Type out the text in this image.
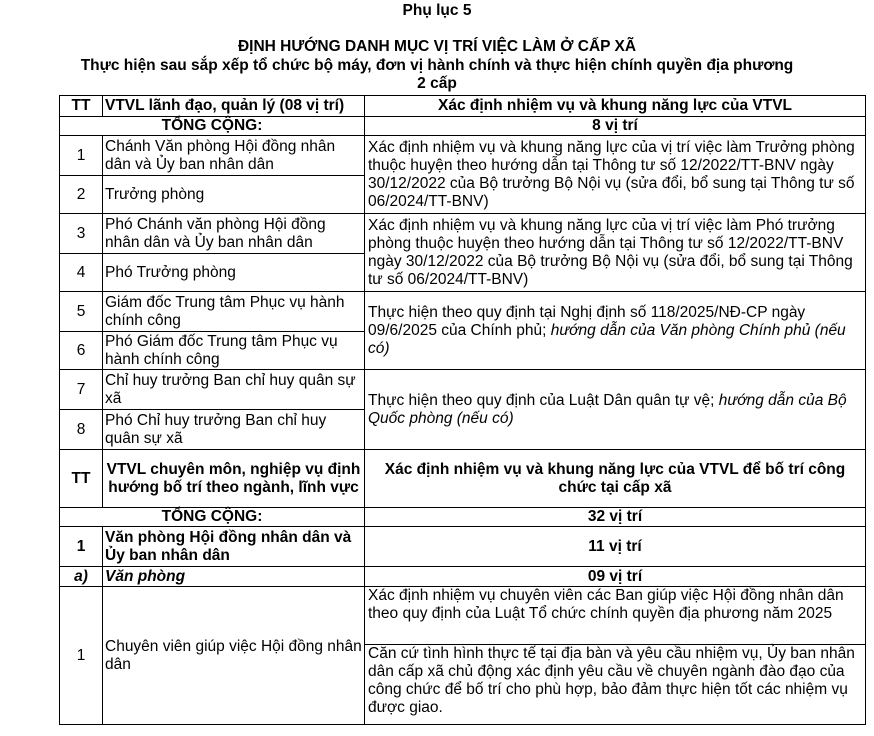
Phụ lục 5
ĐỊNH HƯỚNG DANH MỤC VỊ TRÍ VIỆC LÀM Ở CẤP XÃ
Thực hiện sau sắp xếp tổ chức bộ máy, đơn vị hành chính và thực hiện chính quyền địa phương
2 cấp
TT	VTVL lãnh đạo, quản lý (08 vị trí)	Xác định nhiệm vụ và khung năng lực của VTVL
TỔNG CỘNG:		8 vị trí
1	Chánh Văn phòng Hội đồng nhân dân và Ủy ban nhân dân	Xác định nhiệm vụ và khung năng lực của vị trí việc làm Trưởng phòng thuộc huyện theo hướng dẫn tại Thông tư số 12/2022/TT-BNV ngày 30/12/2022 của Bộ trưởng Bộ Nội vụ (sửa đổi, bổ sung tại Thông tư số 06/2024/TT-BNV)
2	Trưởng phòng	
3	Phó Chánh văn phòng Hội đồng nhân dân và Ủy ban nhân dân	Xác định nhiệm vụ và khung năng lực của vị trí việc làm Phó trưởng phòng thuộc huyện theo hướng dẫn tại Thông tư số 12/2022/TT-BNV ngày 30/12/2022 của Bộ trưởng Bộ Nội vụ (sửa đổi, bổ sung tại Thông tư số 06/2024/TT-BNV)
4	Phó Trưởng phòng	
5	Giám đốc Trung tâm Phục vụ hành chính công	Thực hiện theo quy định tại Nghị định số 118/2025/NĐ-CP ngày 09/6/2025 của Chính phủ; hướng dẫn của Văn phòng Chính phủ (nếu có)
6	Phó Giám đốc Trung tâm Phục vụ hành chính công	
7	Chỉ huy trưởng Ban chỉ huy quân sự xã	Thực hiện theo quy định của Luật Dân quân tự vệ; hướng dẫn của Bộ Quốc phòng (nếu có)
8	Phó Chỉ huy trưởng Ban chỉ huy quân sự xã	
TT	VTVL chuyên môn, nghiệp vụ định hướng bố trí theo ngành, lĩnh vực	Xác định nhiệm vụ và khung năng lực của VTVL để bố trí công chức tại cấp xã
TỔNG CỘNG:		32 vị trí
1	Văn phòng Hội đồng nhân dân và Ủy ban nhân dân	11 vị trí
a)	Văn phòng	09 vị trí
1	Chuyên viên giúp việc Hội đồng nhân dân	Xác định nhiệm vụ chuyên viên các Ban giúp việc Hội đồng nhân dân theo quy định của Luật Tổ chức chính quyền địa phương năm 2025
		Căn cứ tình hình thực tế tại địa bàn và yêu cầu nhiệm vụ, Ủy ban nhân dân cấp xã chủ động xác định yêu cầu về chuyên ngành đào đạo của công chức để bố trí cho phù hợp, bảo đảm thực hiện tốt các nhiệm vụ được giao.
